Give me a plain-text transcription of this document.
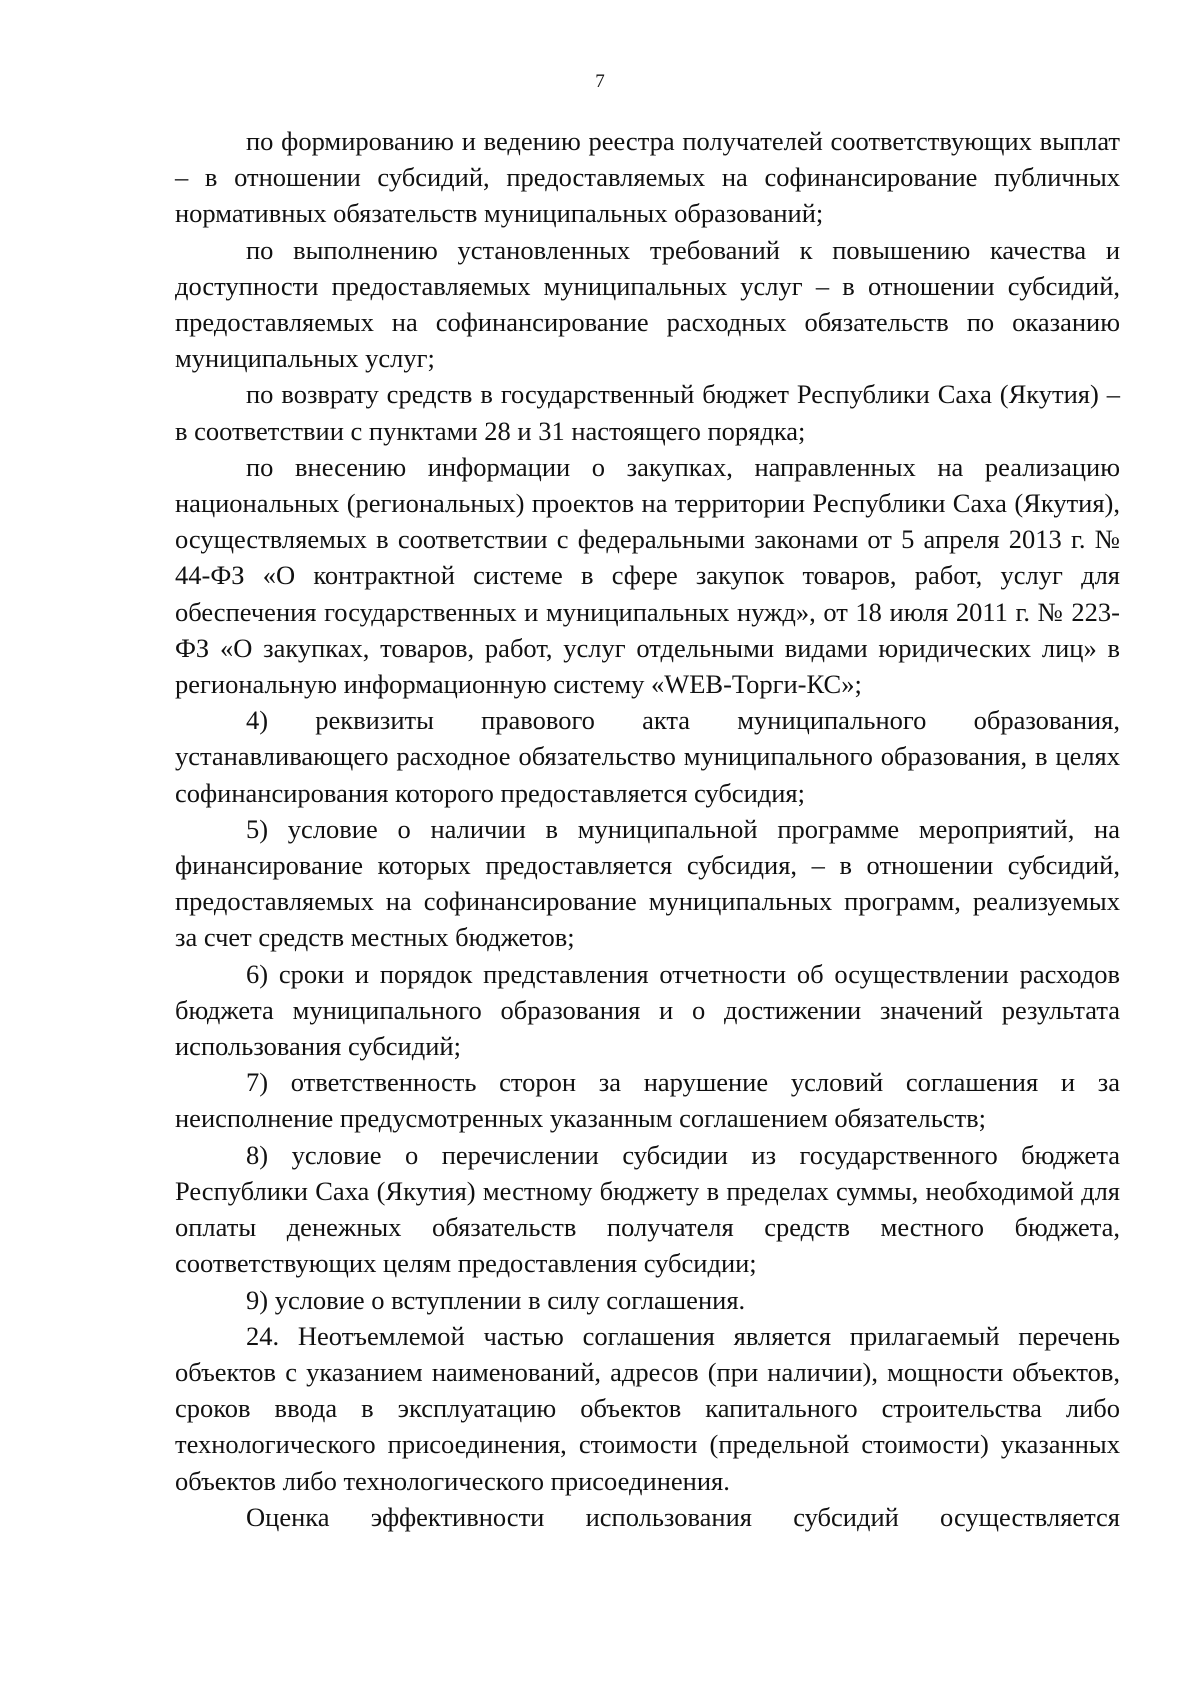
7

по формированию и ведению реестра получателей соответствующих выплат – в отношении субсидий, предоставляемых на софинансирование публичных нормативных обязательств муниципальных образований;

по выполнению установленных требований к повышению качества и доступности предоставляемых муниципальных услуг – в отношении субсидий, предоставляемых на софинансирование расходных обязательств по оказанию муниципальных услуг;

по возврату средств в государственный бюджет Республики Саха (Якутия) – в соответствии с пунктами 28 и 31 настоящего порядка;

по внесению информации о закупках, направленных на реализацию национальных (региональных) проектов на территории Республики Саха (Якутия), осуществляемых в соответствии с федеральными законами от 5 апреля 2013 г. № 44-ФЗ «О контрактной системе в сфере закупок товаров, работ, услуг для обеспечения государственных и муниципальных нужд», от 18 июля 2011 г. № 223-ФЗ «О закупках, товаров, работ, услуг отдельными видами юридических лиц» в региональную информационную систему «WEB-Торги-КС»;

4) реквизиты правового акта муниципального образования, устанавливающего расходное обязательство муниципального образования, в целях софинансирования которого предоставляется субсидия;

5) условие о наличии в муниципальной программе мероприятий, на финансирование которых предоставляется субсидия, – в отношении субсидий, предоставляемых на софинансирование муниципальных программ, реализуемых за счет средств местных бюджетов;

6) сроки и порядок представления отчетности об осуществлении расходов бюджета муниципального образования и о достижении значений результата использования субсидий;

7) ответственность сторон за нарушение условий соглашения и за неисполнение предусмотренных указанным соглашением обязательств;

8) условие о перечислении субсидии из государственного бюджета Республики Саха (Якутия) местному бюджету в пределах суммы, необходимой для оплаты денежных обязательств получателя средств местного бюджета, соответствующих целям предоставления субсидии;

9) условие о вступлении в силу соглашения.

24. Неотъемлемой частью соглашения является прилагаемый перечень объектов с указанием наименований, адресов (при наличии), мощности объектов, сроков ввода в эксплуатацию объектов капитального строительства либо технологического присоединения, стоимости (предельной стоимости) указанных объектов либо технологического присоединения.

Оценка эффективности использования субсидий осуществляется
